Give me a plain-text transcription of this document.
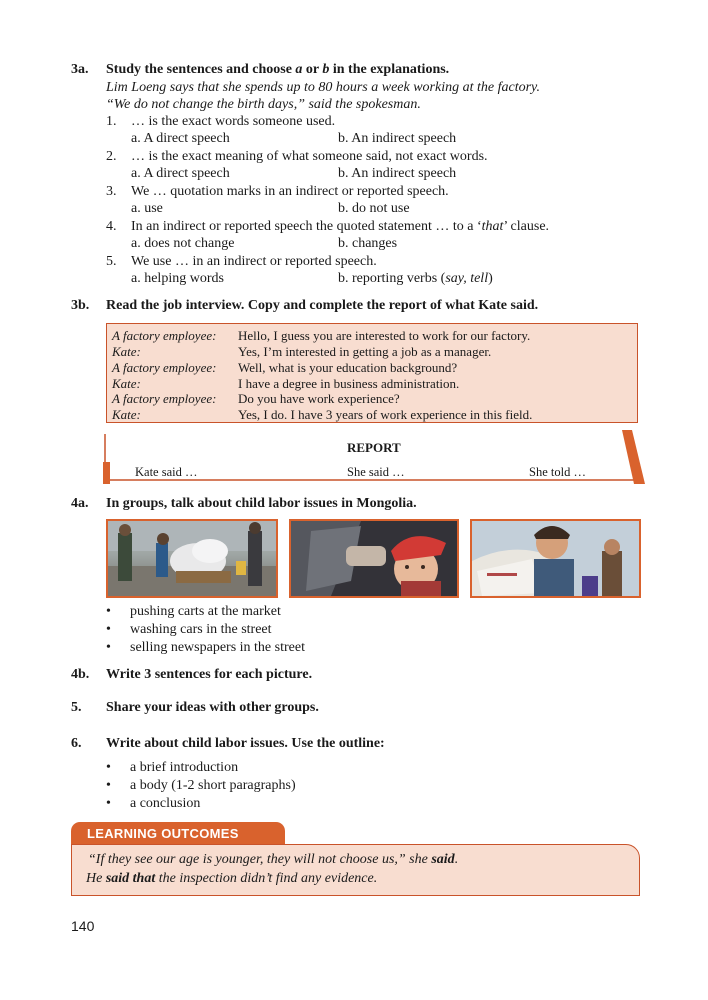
3a. Study the sentences and choose a or b in the explanations.
Lim Loeng says that she spends up to 80 hours a week working at the factory.
“We do not change the birth days,” said the spokesman.
1. … is the exact words someone used.
a. A direct speech	b. An indirect speech
2. … is the exact meaning of what someone said, not exact words.
a. A direct speech	b. An indirect speech
3. We … quotation marks in an indirect or reported speech.
a. use	b. do not use
4. In an indirect or reported speech the quoted statement … to a ‘that’ clause.
a. does not change	b. changes
5. We use … in an indirect or reported speech.
a. helping words	b. reporting verbs (say, tell)
3b. Read the job interview. Copy and complete the report of what Kate said.
A factory employee: Hello, I guess you are interested to work for our factory.
Kate:	Yes, I’m interested in getting a job as a manager.
A factory employee: Well, what is your education background?
Kate:	I have a degree in business administration.
A factory employee: Do you have work experience?
Kate:	Yes, I do. I have 3 years of work experience in this field.
REPORT
Kate said …	She said …	She told …
4a. In groups, talk about child labor issues in Mongolia.
• pushing carts at the market
• washing cars in the street
• selling newspapers in the street
4b. Write 3 sentences for each picture.
5. Share your ideas with other groups.
6. Write about child labor issues. Use the outline:
• a brief introduction
• a body (1-2 short paragraphs)
• a conclusion
LEARNING OUTCOMES
“If they see our age is younger, they will not choose us,” she said.
He said that the inspection didn’t find any evidence.
140
